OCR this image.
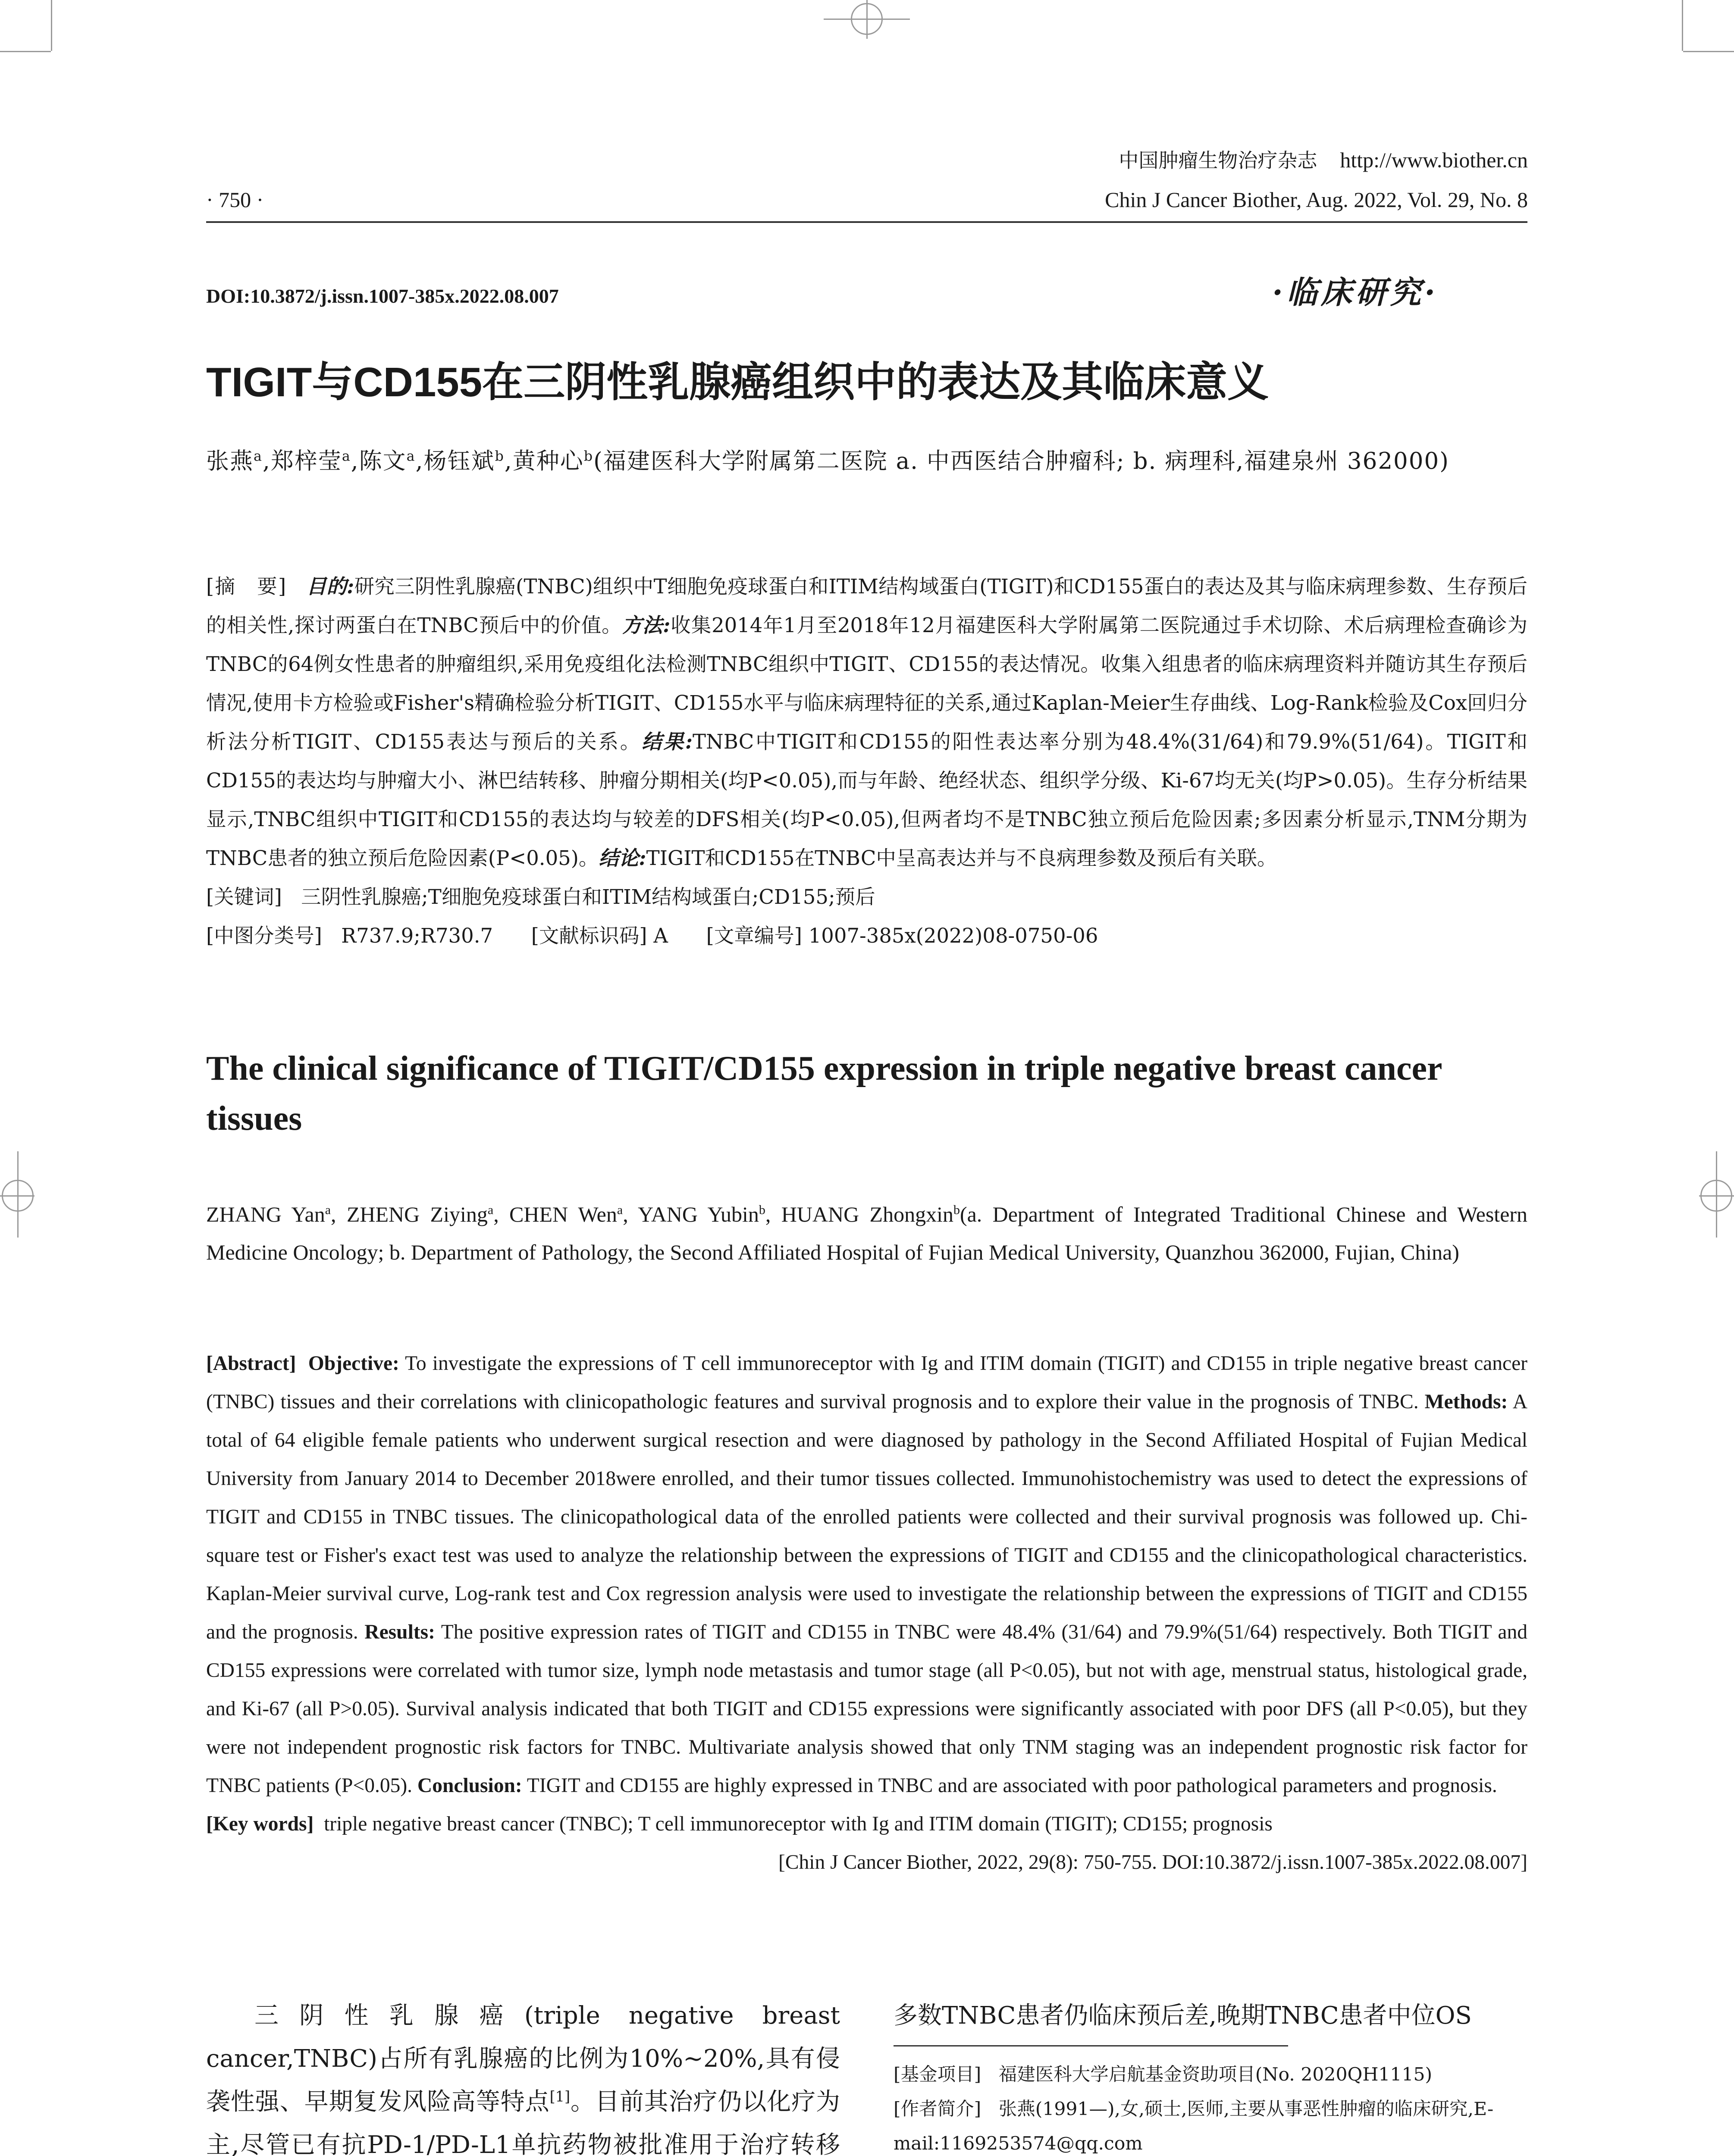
· 750 ·
中国肿瘤生物治疗杂志 http://www.biother.cn
Chin J Cancer Biother, Aug. 2022, Vol. 29, No. 8
DOI:10.3872/j.issn.1007-385x.2022.08.007	·临床研究·
TIGIT与CD155在三阴性乳腺癌组织中的表达及其临床意义
张燕$^a$,郑梓莹$^a$,陈文$^a$,杨钰斌$^b$,黄种心$^b$(福建医科大学附属第二医院 a. 中西医结合肿瘤科; b. 病理科,福建泉州 362000)
[摘　要] 目的:研究三阴性乳腺癌(TNBC)组织中T细胞免疫球蛋白和ITIM结构域蛋白(TIGIT)和CD155蛋白的表达及其与临床病理参数、生存预后的相关性,探讨两蛋白在TNBC预后中的价值。方法:收集2014年1月至2018年12月福建医科大学附属第二医院通过手术切除、术后病理检查确诊为TNBC的64例女性患者的肿瘤组织,采用免疫组化法检测TNBC组织中TIGIT、CD155的表达情况。收集入组患者的临床病理资料并随访其生存预后情况,使用卡方检验或Fisher's精确检验分析TIGIT、CD155水平与临床病理特征的关系,通过Kaplan-Meier生存曲线、Log-Rank检验及Cox回归分析法分析TIGIT、CD155表达与预后的关系。结果:TNBC中TIGIT和CD155的阳性表达率分别为48.4%(31/64)和79.9%(51/64)。TIGIT和CD155的表达均与肿瘤大小、淋巴结转移、肿瘤分期相关(均P<0.05),而与年龄、绝经状态、组织学分级、Ki-67均无关(均P>0.05)。生存分析结果显示,TNBC组织中TIGIT和CD155的表达均与较差的DFS相关(均P<0.05),但两者均不是TNBC独立预后危险因素;多因素分析显示,TNM分期为TNBC患者的独立预后危险因素(P<0.05)。结论:TIGIT和CD155在TNBC中呈高表达并与不良病理参数及预后有关联。
[关键词] 三阴性乳腺癌;T细胞免疫球蛋白和ITIM结构域蛋白;CD155;预后
[中图分类号] R737.9;R730.7 [文献标识码] A [文章编号] 1007-385x(2022)08-0750-06
The clinical significance of TIGIT/CD155 expression in triple negative breast cancer tissues
ZHANG Yan$^a$, ZHENG Ziying$^a$, CHEN Wen$^a$, YANG Yubin$^b$, HUANG Zhongxin$^b$(a. Department of Integrated Traditional Chinese and Western Medicine Oncology; b. Department of Pathology, the Second Affiliated Hospital of Fujian Medical University, Quanzhou 362000, Fujian, China)
[Abstract] Objective: To investigate the expressions of T cell immunoreceptor with Ig and ITIM domain (TIGIT) and CD155 in triple negative breast cancer (TNBC) tissues and their correlations with clinicopathologic features and survival prognosis and to explore their value in the prognosis of TNBC. Methods: A total of 64 eligible female patients who underwent surgical resection and were diagnosed by pathology in the Second Affiliated Hospital of Fujian Medical University from January 2014 to December 2018were enrolled, and their tumor tissues collected. Immunohistochemistry was used to detect the expressions of TIGIT and CD155 in TNBC tissues. The clinicopathological data of the enrolled patients were collected and their survival prognosis was followed up. Chi-square test or Fisher's exact test was used to analyze the relationship between the expressions of TIGIT and CD155 and the clinicopathological characteristics. Kaplan-Meier survival curve, Log-rank test and Cox regression analysis were used to investigate the relationship between the expressions of TIGIT and CD155 and the prognosis. Results: The positive expression rates of TIGIT and CD155 in TNBC were 48.4% (31/64) and 79.9%(51/64) respectively. Both TIGIT and CD155 expressions were correlated with tumor size, lymph node metastasis and tumor stage (all P<0.05), but not with age, menstrual status, histological grade, and Ki-67 (all P>0.05). Survival analysis indicated that both TIGIT and CD155 expressions were significantly associated with poor DFS (all P<0.05), but they were not independent prognostic risk factors for TNBC. Multivariate analysis showed that only TNM staging was an independent prognostic risk factor for TNBC patients (P<0.05). Conclusion: TIGIT and CD155 are highly expressed in TNBC and are associated with poor pathological parameters and prognosis.
[Key words] triple negative breast cancer (TNBC); T cell immunoreceptor with Ig and ITIM domain (TIGIT); CD155; prognosis
[Chin J Cancer Biother, 2022, 29(8): 750-755. DOI:10.3872/j.issn.1007-385x.2022.08.007]
三阴性乳腺癌(triple negative breast cancer,TNBC)占所有乳腺癌的比例为10%~20%,具有侵袭性强、早期复发风险高等特点[1]。目前其治疗仍以化疗为主,尽管已有抗PD-1/PD-L1单抗药物被批准用于治疗转移
多数TNBC患者仍临床预后差,晚期TNBC患者中位OS
[基金项目] 福建医科大学启航基金资助项目(No. 2020QH1115)
[作者简介] 张燕(1991—),女,硕士,医师,主要从事恶性肿瘤的临床研究,E-mail:1169253574@qq.com
